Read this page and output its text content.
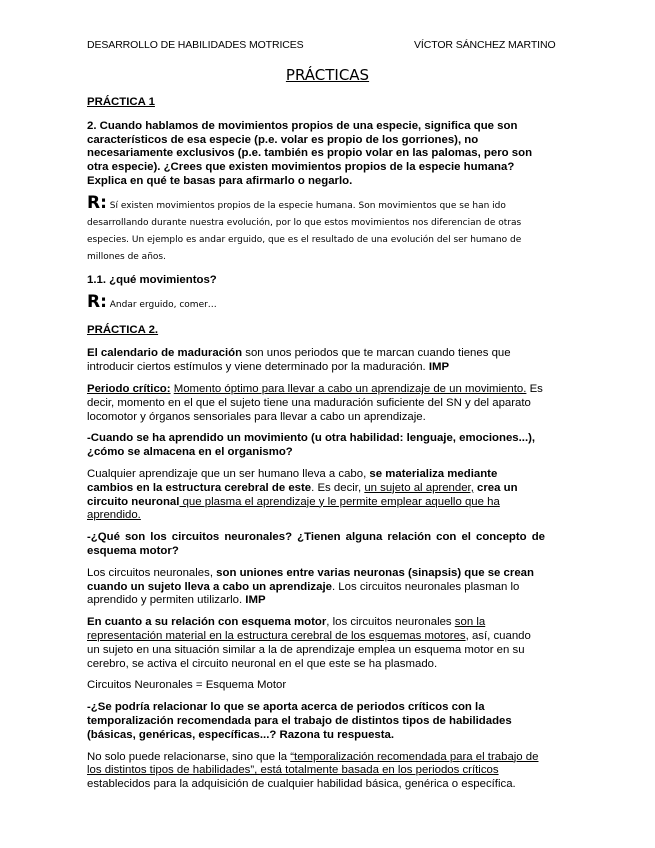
DESARROLLO DE HABILIDADES MOTRICES	VÍCTOR SÁNCHEZ MARTINO
PRÁCTICAS

PRÁCTICA 1

2. Cuando hablamos de movimientos propios de una especie, significa que son característicos de esa especie (p.e. volar es propio de los gorriones), no necesariamente exclusivos (p.e. también es propio volar en las palomas, pero son otra especie). ¿Crees que existen movimientos propios de la especie humana? Explica en qué te basas para afirmarlo o negarlo.

R: Sí existen movimientos propios de la especie humana. Son movimientos que se han ido desarrollando durante nuestra evolución, por lo que estos movimientos nos diferencian de otras especies. Un ejemplo es andar erguido, que es el resultado de una evolución del ser humano de millones de años.

1.1. ¿qué movimientos?

R: Andar erguido, comer…

PRÁCTICA 2.

El calendario de maduración son unos periodos que te marcan cuando tienes que introducir ciertos estímulos y viene determinado por la maduración. IMP

Periodo crítico: Momento óptimo para llevar a cabo un aprendizaje de un movimiento. Es decir, momento en el que el sujeto tiene una maduración suficiente del SN y del aparato locomotor y órganos sensoriales para llevar a cabo un aprendizaje.

-Cuando se ha aprendido un movimiento (u otra habilidad: lenguaje, emociones...), ¿cómo se almacena en el organismo?

Cualquier aprendizaje que un ser humano lleva a cabo, se materializa mediante cambios en la estructura cerebral de este. Es decir, un sujeto al aprender, crea un circuito neuronal que plasma el aprendizaje y le permite emplear aquello que ha aprendido.

-¿Qué son los circuitos neuronales? ¿Tienen alguna relación con el concepto de esquema motor?

Los circuitos neuronales, son uniones entre varias neuronas (sinapsis) que se crean cuando un sujeto lleva a cabo un aprendizaje. Los circuitos neuronales plasman lo aprendido y permiten utilizarlo. IMP

En cuanto a su relación con esquema motor, los circuitos neuronales son la representación material en la estructura cerebral de los esquemas motores, así, cuando un sujeto en una situación similar a la de aprendizaje emplea un esquema motor en su cerebro, se activa el circuito neuronal en el que este se ha plasmado.

Circuitos Neuronales = Esquema Motor

-¿Se podría relacionar lo que se aporta acerca de periodos críticos con la temporalización recomendada para el trabajo de distintos tipos de habilidades (básicas, genéricas, específicas...? Razona tu respuesta.

No solo puede relacionarse, sino que la “temporalización recomendada para el trabajo de los distintos tipos de habilidades”, está totalmente basada en los periodos críticos establecidos para la adquisición de cualquier habilidad básica, genérica o específica.
